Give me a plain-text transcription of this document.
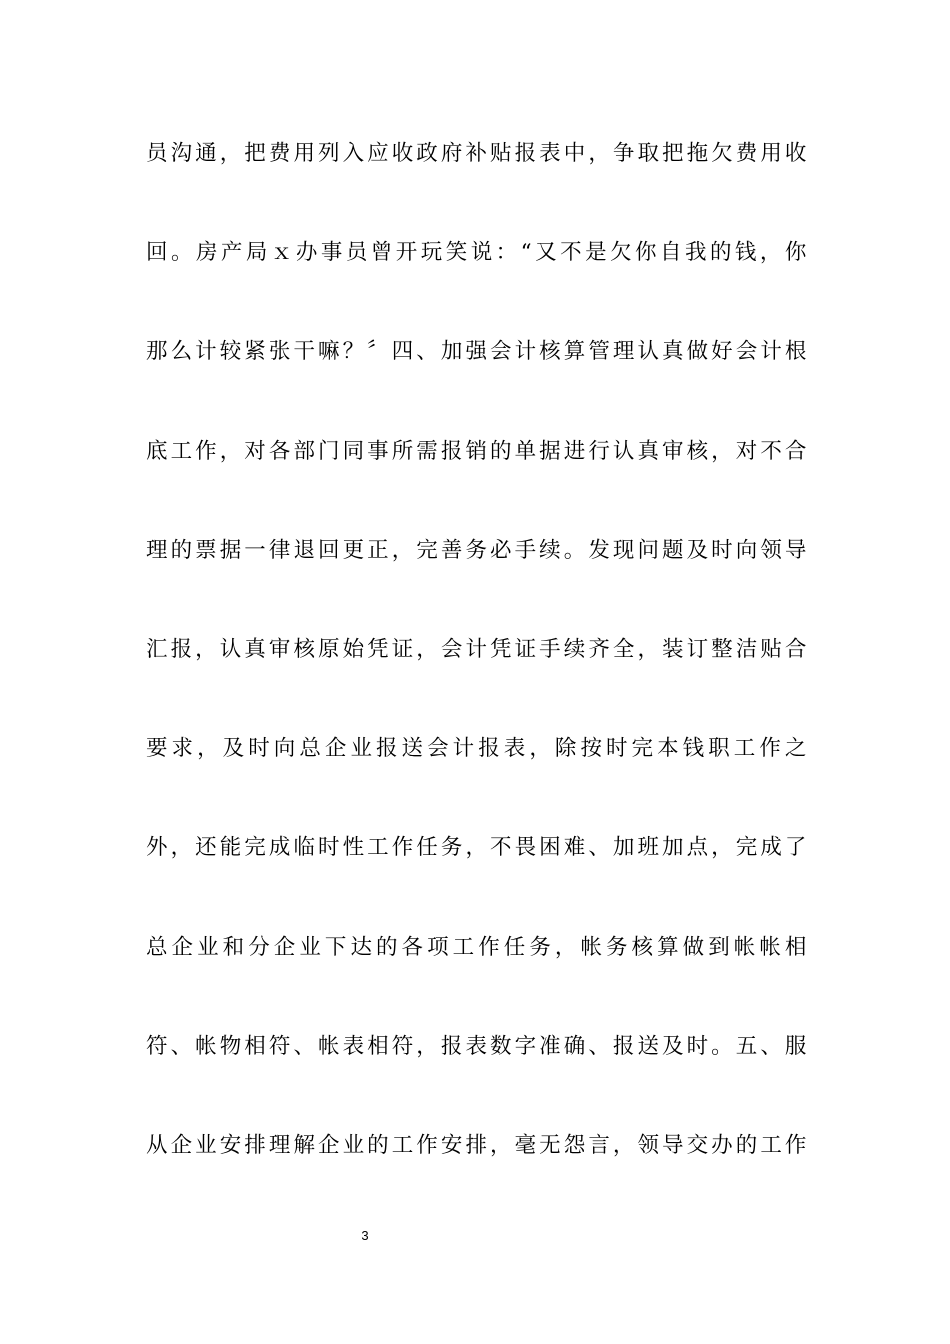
员沟通，把费用列入应收政府补贴报表中，争取把拖欠费用收
回。房产局ｘ办事员曾开玩笑说：“又不是欠你自我的钱，你
那么计较紧张干嘛？〞四、加强会计核算管理认真做好会计根
底工作，对各部门同事所需报销的单据进行认真审核，对不合
理的票据一律退回更正，完善务必手续。发现问题及时向领导
汇报，认真审核原始凭证，会计凭证手续齐全，装订整洁贴合
要求，及时向总企业报送会计报表，除按时完本钱职工作之
外，还能完成临时性工作任务，不畏困难、加班加点，完成了
总企业和分企业下达的各项工作任务，帐务核算做到帐帐相
符、帐物相符、帐表相符，报表数字准确、报送及时。五、服
从企业安排理解企业的工作安排，毫无怨言，领导交办的工作
3
